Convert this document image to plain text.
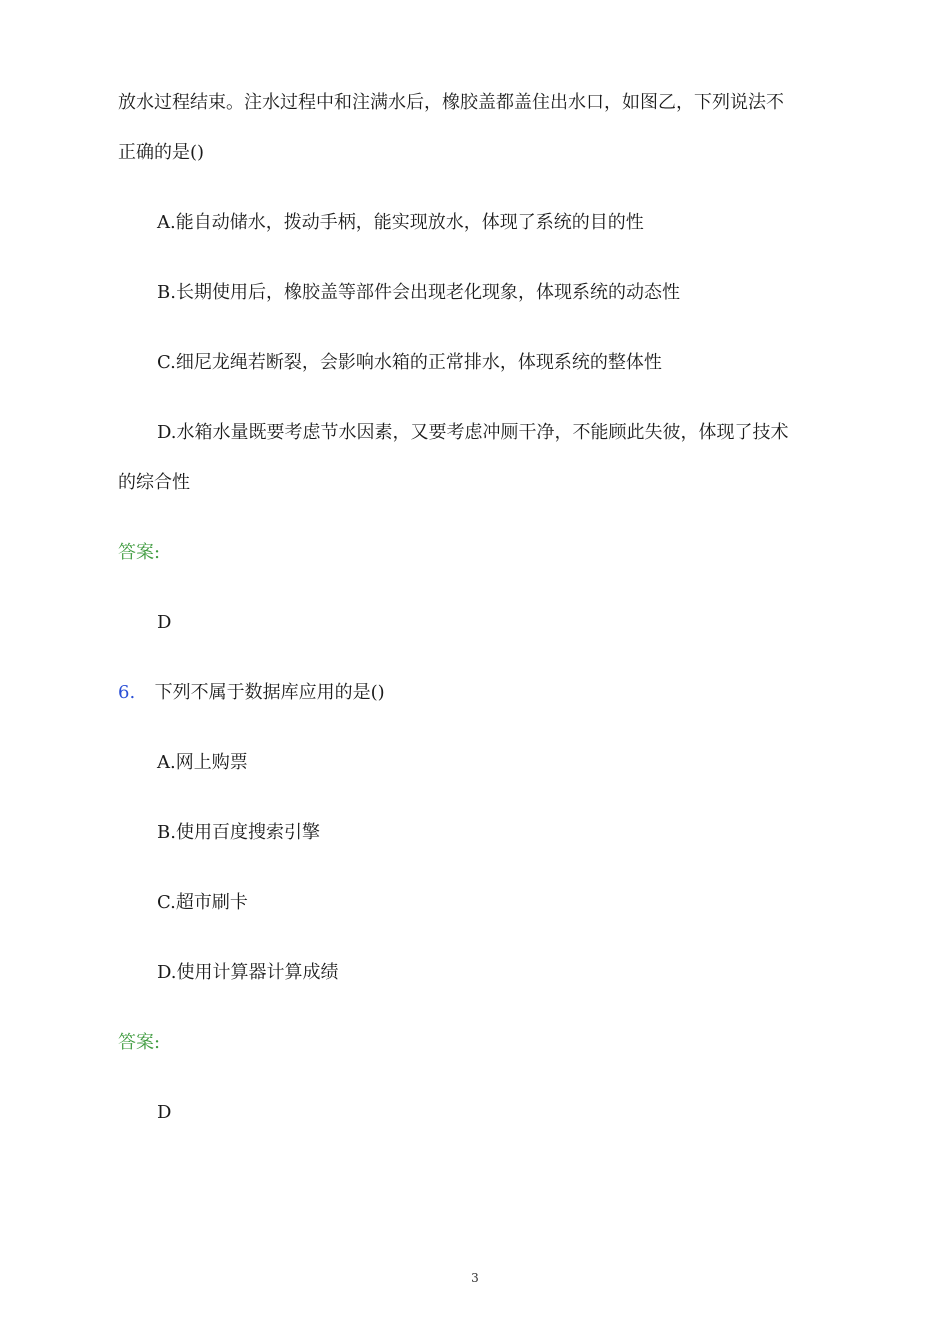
放水过程结束。注水过程中和注满水后，橡胶盖都盖住出水口，如图乙，下列说法不
正确的是()
A.能自动储水，拨动手柄，能实现放水，体现了系统的目的性
B.长期使用后，橡胶盖等部件会出现老化现象，体现系统的动态性
C.细尼龙绳若断裂，会影响水箱的正常排水，体现系统的整体性
D.水箱水量既要考虑节水因素，又要考虑冲厕干净，不能顾此失彼，体现了技术
的综合性
答案:
D
6. 下列不属于数据库应用的是()
A.网上购票
B.使用百度搜索引擎
C.超市刷卡
D.使用计算器计算成绩
答案:
D
3
